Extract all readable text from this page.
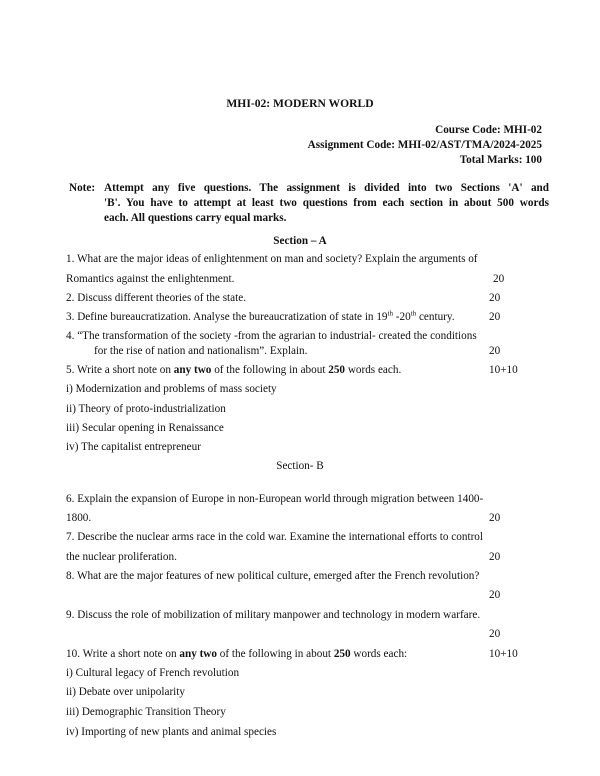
MHI-02: MODERN WORLD
Course Code: MHI-02
Assignment Code: MHI-02/AST/TMA/2024-2025
Total Marks: 100
Note: Attempt any five questions. The assignment is divided into two Sections 'A' and
'B'. You have to attempt at least two questions from each section in about 500 words
each. All questions carry equal marks.
Section – A
1. What are the major ideas of enlightenment on man and society? Explain the arguments of
Romantics against the enlightenment.	20
2. Discuss different theories of the state.	20
3. Define bureaucratization. Analyse the bureaucratization of state in 19th -20th century.	20
4. “The transformation of the society -from the agrarian to industrial- created the conditions
for the rise of nation and nationalism”. Explain.	20
5. Write a short note on any two of the following in about 250 words each.	10+10
i) Modernization and problems of mass society
ii) Theory of proto-industrialization
iii) Secular opening in Renaissance
iv) The capitalist entrepreneur
Section- B
6. Explain the expansion of Europe in non-European world through migration between 1400-
1800.	20
7. Describe the nuclear arms race in the cold war. Examine the international efforts to control
the nuclear proliferation.	20
8. What are the major features of new political culture, emerged after the French revolution?
20
9. Discuss the role of mobilization of military manpower and technology in modern warfare.
20
10. Write a short note on any two of the following in about 250 words each:	10+10
i) Cultural legacy of French revolution
ii) Debate over unipolarity
iii) Demographic Transition Theory
iv) Importing of new plants and animal species
